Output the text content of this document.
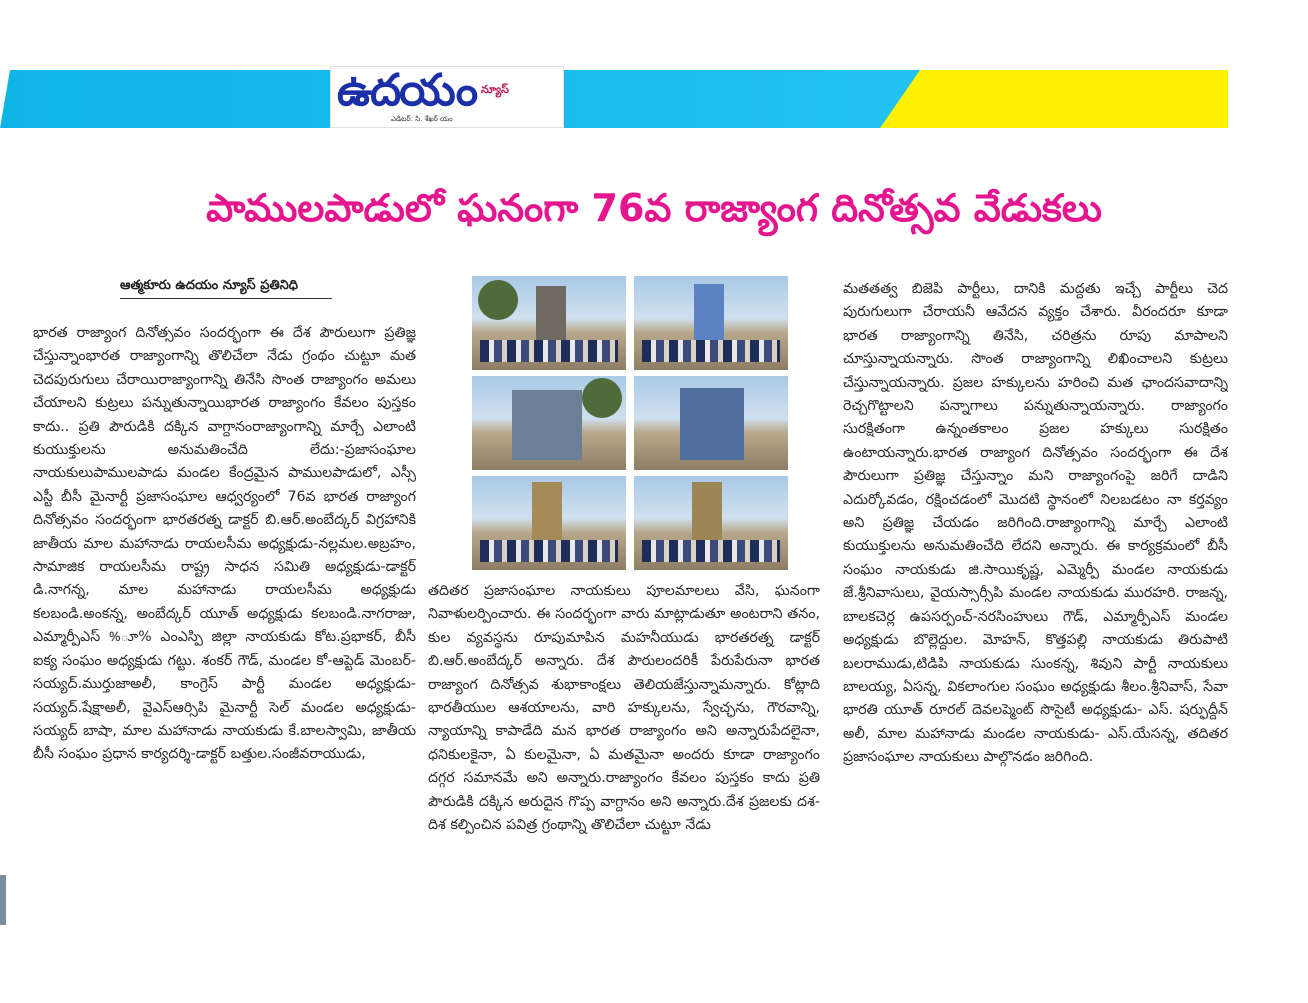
ఉదయం న్యూస్
ఎడిటర్: సి. శేఖర్ యం
పాములపాడులో ఘనంగా 76వ రాజ్యాంగ దినోత్సవ వేడుకలు
ఆత్మకూరు ఉదయం న్యూస్ ప్రతినిధి

భారత రాజ్యాంగ దినోత్సవం సందర్భంగా ఈ దేశ పౌరులుగా ప్రతిజ్ఞ చేస్తున్నాంభారత రాజ్యాంగాన్ని తొలిచేలా నేడు గ్రంథం చుట్టూ మత చెదపురుగులు చేరాయిరాజ్యాంగాన్ని తినేసి సొంత రాజ్యాంగం అమలు చేయాలని కుట్రలు పన్నుతున్నాయిభారత రాజ్యాంగం కేవలం పుస్తకం కాదు.. ప్రతి పౌరుడికి దక్కిన వాగ్దానంరాజ్యాంగాన్ని మార్చే ఎలాంటి కుయుక్తులను అనుమతించేది లేదు:-ప్రజాసంఘాల నాయకులుపాములపాడు మండల కేంద్రమైన పాములపాడులో, ఎస్సీ ఎస్టీ బీసీ మైనార్టీ ప్రజాసంఘాల ఆధ్వర్యంలో 76వ భారత రాజ్యాంగ దినోత్సవం సందర్భంగా భారతరత్న డాక్టర్ బి.ఆర్.అంబేద్కర్ విగ్రహానికి జాతీయ మాల మహానాడు రాయలసీమ అధ్యక్షుడు-నల్లమల.అబ్రహం, సామాజిక రాయలసీమ రాష్ట్ర సాధన సమితి అధ్యక్షుడు-డాక్టర్ డి.నాగన్న, మాల మహానాడు రాయలసీమ అధ్యక్షుడు కలబండి.అంకన్న, అంబేద్కర్ యూత్ అధ్యక్షుడు కలబండి.నాగరాజు, ఎమ్మార్పీఎస్ %ూ% ఎంఎస్పి జిల్లా నాయకుడు కోట.ప్రభాకర్, బీసీ ఐక్య సంఘం అధ్యక్షుడు గట్టు. శంకర్ గౌడ్, మండల కో-ఆప్టెడ్ మెంబర్-సయ్యద్.ముర్తుజాఅలీ, కాంగ్రెస్ పార్టీ మండల అధ్యక్షుడు-సయ్యద్.షేక్షాఅలీ, వైఎస్ఆర్సిపి మైనార్టీ సెల్ మండల అధ్యక్షుడు-సయ్యద్ బాషా, మాల మహానాడు నాయకుడు కే.బాలస్వామి, జాతీయ బీసీ సంఘం ప్రధాన కార్యదర్శి-డాక్టర్ బత్తుల.సంజీవరాయుడు,

తదితర ప్రజాసంఘాల నాయకులు పూలమాలలు వేసి, ఘనంగా నివాళులర్పించారు. ఈ సందర్భంగా వారు మాట్లాడుతూ అంటరాని తనం, కుల వ్యవస్థను రూపుమాపిన మహనీయుడు భారతరత్న డాక్టర్ బి.ఆర్.అంబేద్కర్ అన్నారు. దేశ పౌరులందరికీ పేరుపేరునా భారత రాజ్యాంగ దినోత్సవ శుభాకాంక్షలు తెలియజేస్తున్నామన్నారు. కోట్లాది భారతీయుల ఆశయాలను, వారి హక్కులను, స్వేచ్ఛను, గౌరవాన్ని, న్యాయాన్ని కాపాడేది మన భారత రాజ్యాంగం అని అన్నారుపేదలైనా, ధనికులకైనా, ఏ కులమైనా, ఏ మతమైనా అందరు కూడా రాజ్యాంగం దగ్గర సమానమే అని అన్నారు.రాజ్యాంగం కేవలం పుస్తకం కాదు ప్రతి పౌరుడికి దక్కిన అరుదైన గొప్ప వాగ్దానం అని అన్నారు.దేశ ప్రజలకు దశ-దిశ కల్పించిన పవిత్ర గ్రంథాన్ని తొలిచేలా చుట్టూ నేడు

మతతత్వ బిజెపి పార్టీలు, దానికి మద్దతు ఇచ్చే పార్టీలు చెద పురుగులుగా చేరాయనీ ఆవేదన వ్యక్తం చేశారు. వీరందరూ కూడా భారత రాజ్యాంగాన్ని తినేసి, చరిత్రను రూపు మాపాలని చూస్తున్నాయన్నారు. సొంత రాజ్యాంగాన్ని లిఖించాలని కుట్రలు చేస్తున్నాయన్నారు. ప్రజల హక్కులను హరించి మత ఛాందసవాదాన్ని రెచ్చగొట్టాలని పన్నాగాలు పన్నుతున్నాయన్నారు. రాజ్యాంగం సురక్షితంగా ఉన్నంతకాలం ప్రజల హక్కులు సురక్షితం ఉంటాయన్నారు.భారత రాజ్యాంగ దినోత్సవం సందర్భంగా ఈ దేశ పౌరులుగా ప్రతిజ్ఞ చేస్తున్నాం మని రాజ్యాంగంపై జరిగే దాడిని ఎదుర్కోవడం, రక్షించడంలో మొదటి స్థానంలో నిలబడటం నా కర్తవ్యం అని ప్రతిజ్ఞ చేయడం జరిగింది.రాజ్యాంగాన్ని మార్చే ఎలాంటి కుయుక్తులను అనుమతించేది లేదని అన్నారు. ఈ కార్యక్రమంలో బీసీ సంఘం నాయకుడు జి.సాయికృష్ణ, ఎమ్మెర్పీ మండల నాయకుడు జే.శ్రీనివాసులు, వైయస్సార్సీపి మండల నాయకుడు మురహరి. రాజన్న, బాలకచెర్ల ఉపసర్పంచ్-నరసింహులు గౌడ్, ఎమ్మార్పీఎస్ మండల అధ్యక్షుడు బొల్లెద్దుల. మోహన్, కొత్తపల్లి నాయకుడు తిరుపాటి బలరాముడు,టిడిపి నాయకుడు సుంకన్న, శివుని పార్టీ నాయకులు బాలయ్య, ఏసన్న, వికలాంగుల సంఘం అధ్యక్షుడు శీలం.శ్రీనివాస్, సేవా భారతి యూత్ రూరల్ దెవలప్మెంట్ సొసైటీ అధ్యక్షుడు- ఎస్. షర్ఫుద్దీన్ అలీ, మాల మహానాడు మండల నాయకుడు- ఎస్.యేసన్న, తదితర ప్రజాసంఘాల నాయకులు పాల్గొనడం జరిగింది.
